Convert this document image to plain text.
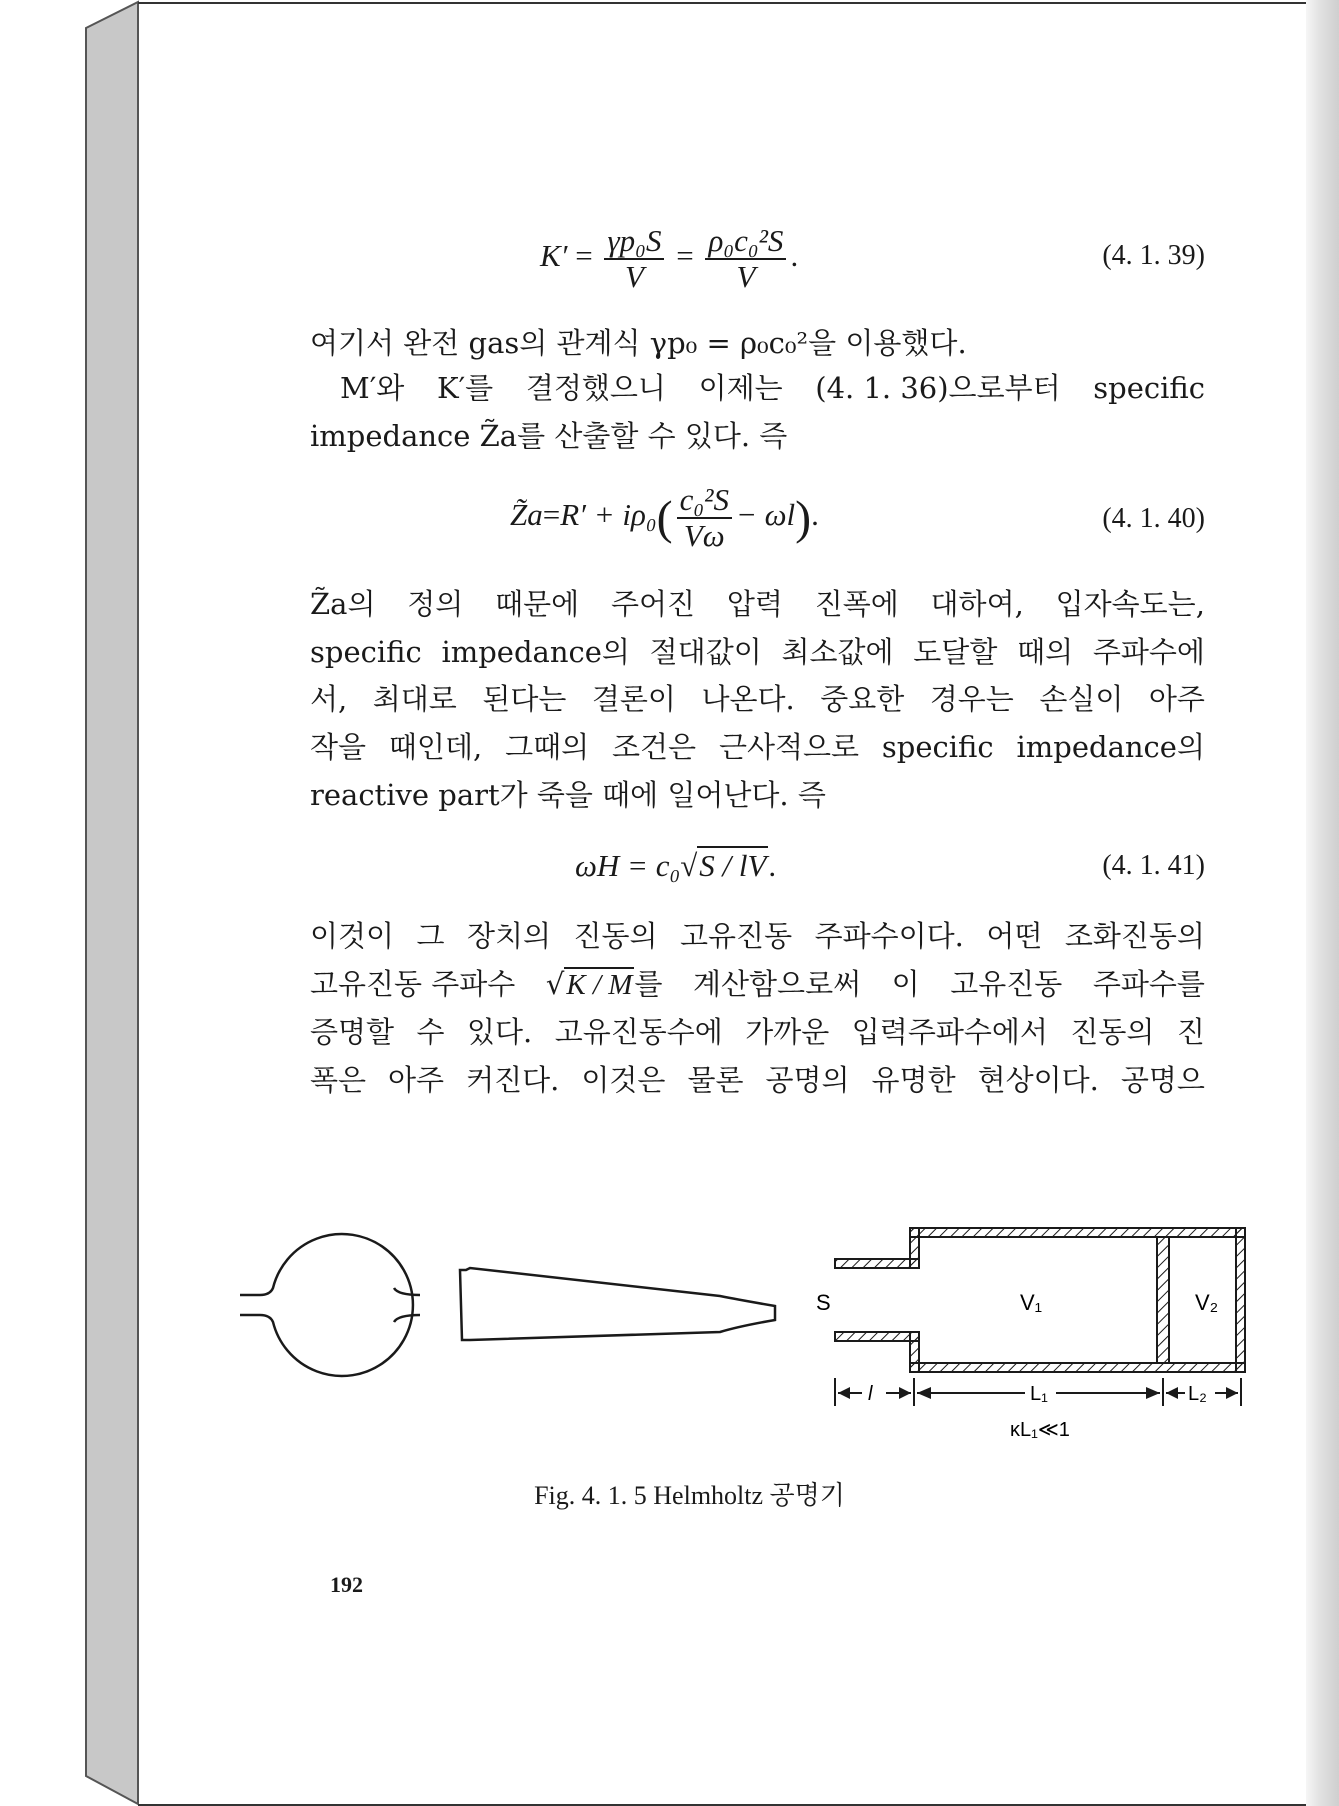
$K' = \frac{\text{γp₀S}}{V} = \frac{\text{ρ₀c₀²S}}{V}$ .	(4. 1. 39)
여기서 완전 gas의 관계식 γp₀ = ρ₀c₀²을 이용했다.
M′와 K′를 결정했으니 이제는 (4. 1. 36)으로부터 specific
impedance Z̃a를 산출할 수 있다. 즉
Z̃a=R′ + $i\rho_0( \frac{\text{c₀²S}}{V\omega} - \omega l)$.	(4. 1. 40)
Z̃a의 정의 때문에 주어진 압력 진폭에 대하여, 입자속도는,
specific impedance의 절대값이 최소값에 도달할 때의 주파수에
서, 최대로 된다는 결론이 나온다. 중요한 경우는 손실이 아주
작을 때인데, 그때의 조건은 근사적으로 specific impedance의
reactive part가 죽을 때에 일어난다. 즉
ωH = c₀√S / lV.	(4. 1. 41)
이것이 그 장치의 진동의 고유진동 주파수이다. 어떤 조화진동의
고유진동 주파수 √K / M를 계산함으로써 이 고유진동 주파수를
증명할 수 있다. 고유진동수에 가까운 입력주파수에서 진동의 진
폭은 아주 커진다. 이것은 물론 공명의 유명한 현상이다. 공명으
S	V₁	V₂
l	L₁	L₂
κL₁≪1
Fig. 4. 1. 5 Helmholtz 공명기
192
